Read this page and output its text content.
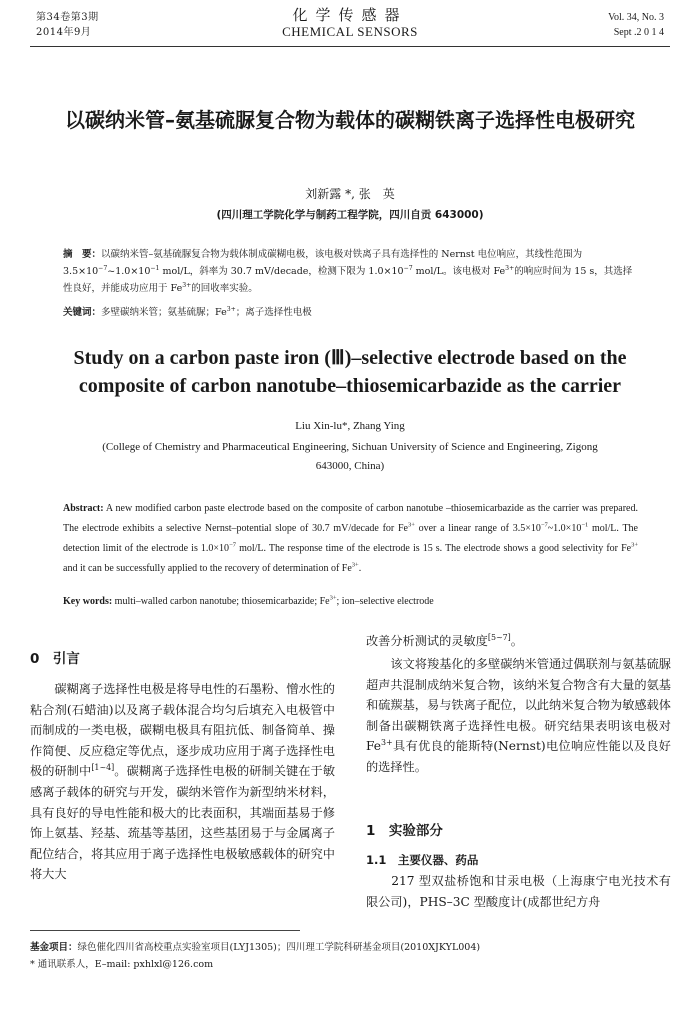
第34卷第3期
2014年9月
化学传感器
CHEMICAL SENSORS
Vol. 34, No. 3
Sept .2 0 1 4
以碳纳米管–氨基硫脲复合物为载体的碳糊铁离子选择性电极研究
刘新露 *, 张　英
(四川理工学院化学与制药工程学院，四川自贡 643000)
摘　要：以碳纳米管–氨基硫脲复合物为载体制成碳糊电极，该电极对铁离子具有选择性的 Nernst 电位响应，其线性范围为 $3.5\times 10^{-7}\sim 1.0\times 10^{-1}$ mol/L，斜率为 30.7 mV/decade，检测下限为 $1.0\times 10^{-7}$ mol/L。该电极对 $Fe^{3+}$的响应时间为 15 s，其选择性良好，并能成功应用于 $Fe^{3+}$的回收率实验。
关键词：多壁碳纳米管；氨基硫脲；$Fe^{3+}$；离子选择性电极
Study on a carbon paste iron (Ⅲ)–selective electrode based on the composite of carbon nanotube–thiosemicarbazide as the carrier
Liu Xin-lu*, Zhang Ying
(College of Chemistry and Pharmaceutical Engineering, Sichuan University of Science and Engineering, Zigong 643000, China)
Abstract: A new modified carbon paste electrode based on the composite of carbon nanotube –thiosemicarbazide as the carrier was prepared. The electrode exhibits a selective Nernst–potential slope of 30.7 mV/decade for $Fe^{3+}$ over a linear range of $3.5\times 10^{-7}\sim 1.0\times 10^{-1}$ mol/L. The detection limit of the electrode is $1.0\times 10^{-7}$ mol/L. The response time of the electrode is 15 s. The electrode shows a good selectivity for $Fe^{3+}$ and it can be successfully applied to the recovery of determination of $Fe^{3+}$.
Key words: multi–walled carbon nanotube; thiosemicarbazide; $Fe^{3+}$; ion–selective electrode
0　引言
　　碳糊离子选择性电极是将导电性的石墨粉、憎水性的粘合剂(石蜡油)以及离子载体混合均匀后填充入电极管中而制成的一类电极，碳糊电极具有阻抗低、制备简单、操作简便、反应稳定等优点，逐步成功应用于离子选择性电极的研制中[1~4]。碳糊离子选择性电极的研制关键在于敏感离子载体的研究与开发，碳纳米管作为新型纳米材料，具有良好的导电性能和极大的比表面积，其端面基易于修饰上氨基、羟基、巯基等基团，这些基团易于与金属离子配位结合，将其应用于离子选择性电极敏感载体的研究中将大大
改善分析测试的灵敏度[5~7]。
　　该文将羧基化的多壁碳纳米管通过偶联剂与氨基硫脲超声共混制成纳米复合物，该纳米复合物含有大量的氨基和硫羰基，易与铁离子配位，以此纳米复合物为敏感载体制备出碳糊铁离子选择性电极。研究结果表明该电极对 $Fe^{3+}$具有优良的能斯特(Nernst)电位响应性能以及良好的选择性。
1　实验部分
1.1　主要仪器、药品
　　217 型双盐桥饱和甘汞电极（上海康宁电光技术有限公司)，PHS–3C 型酸度计(成都世纪方舟
基金项目：绿色催化四川省高校重点实验室项目(LYJ1305)；四川理工学院科研基金项目(2010XJKYL004)
* 通讯联系人，E–mail: pxhlxl@126.com
